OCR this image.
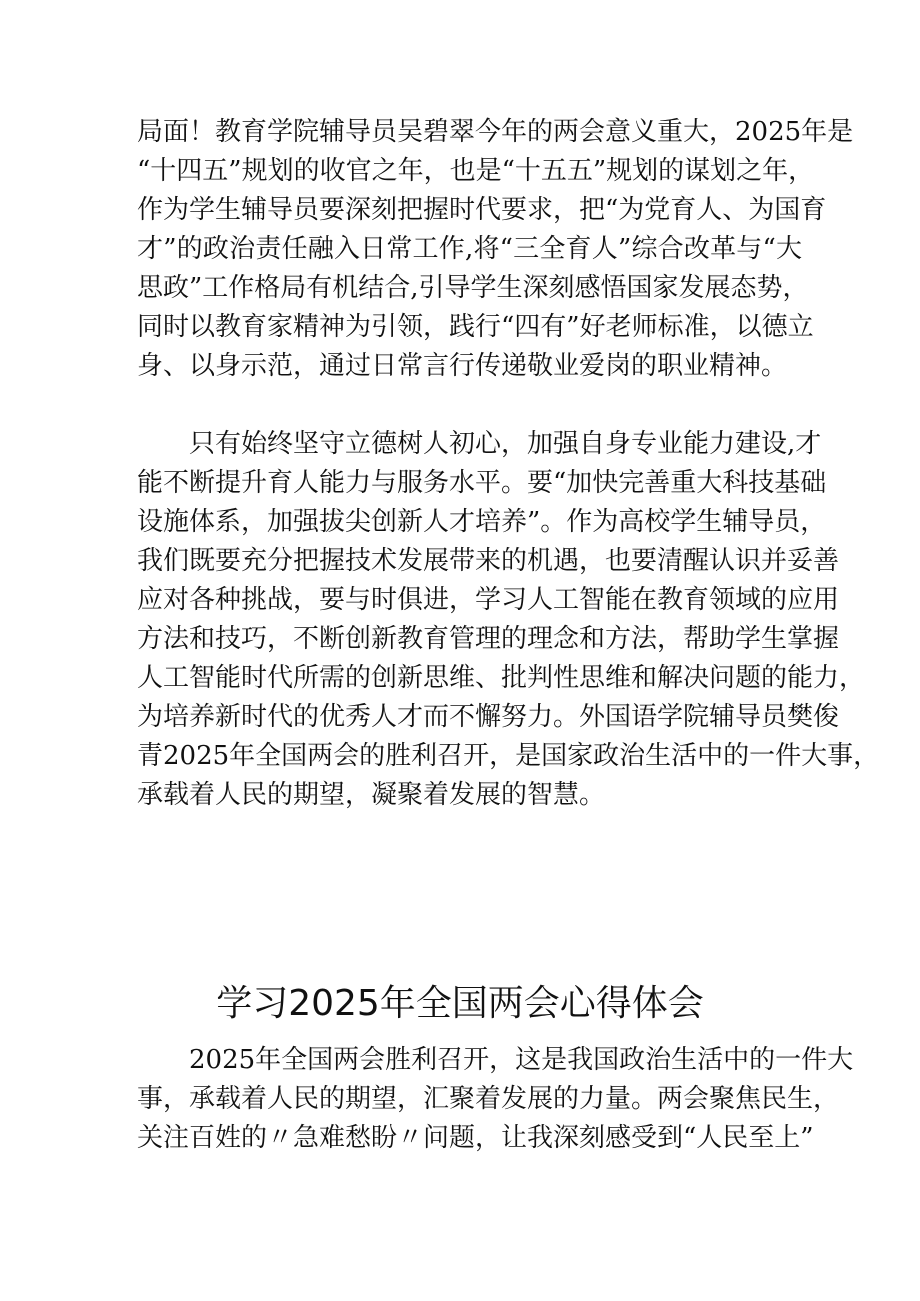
局面！教育学院辅导员吴碧翠今年的两会意义重大，2025年是
“十四五”规划的收官之年，也是“十五五”规划的谋划之年，
作为学生辅导员要深刻把握时代要求，把“为党育人、为国育
才”的政治责任融入日常工作,将“三全育人”综合改革与“大
思政”工作格局有机结合,引导学生深刻感悟国家发展态势，
同时以教育家精神为引领，践行“四有”好老师标准，以德立
身、以身示范，通过日常言行传递敬业爱岗的职业精神。
只有始终坚守立德树人初心，加强自身专业能力建设,才
能不断提升育人能力与服务水平。要“加快完善重大科技基础
设施体系，加强拔尖创新人才培养”。作为高校学生辅导员，
我们既要充分把握技术发展带来的机遇，也要清醒认识并妥善
应对各种挑战，要与时俱进，学习人工智能在教育领域的应用
方法和技巧，不断创新教育管理的理念和方法，帮助学生掌握
人工智能时代所需的创新思维、批判性思维和解决问题的能力，
为培养新时代的优秀人才而不懈努力。外国语学院辅导员樊俊
青2025年全国两会的胜利召开，是国家政治生活中的一件大事，
承载着人民的期望，凝聚着发展的智慧。
学习2025年全国两会心得体会
2025年全国两会胜利召开，这是我国政治生活中的一件大
事，承载着人民的期望，汇聚着发展的力量。两会聚焦民生，
关注百姓的〃急难愁盼〃问题，让我深刻感受到“人民至上”
